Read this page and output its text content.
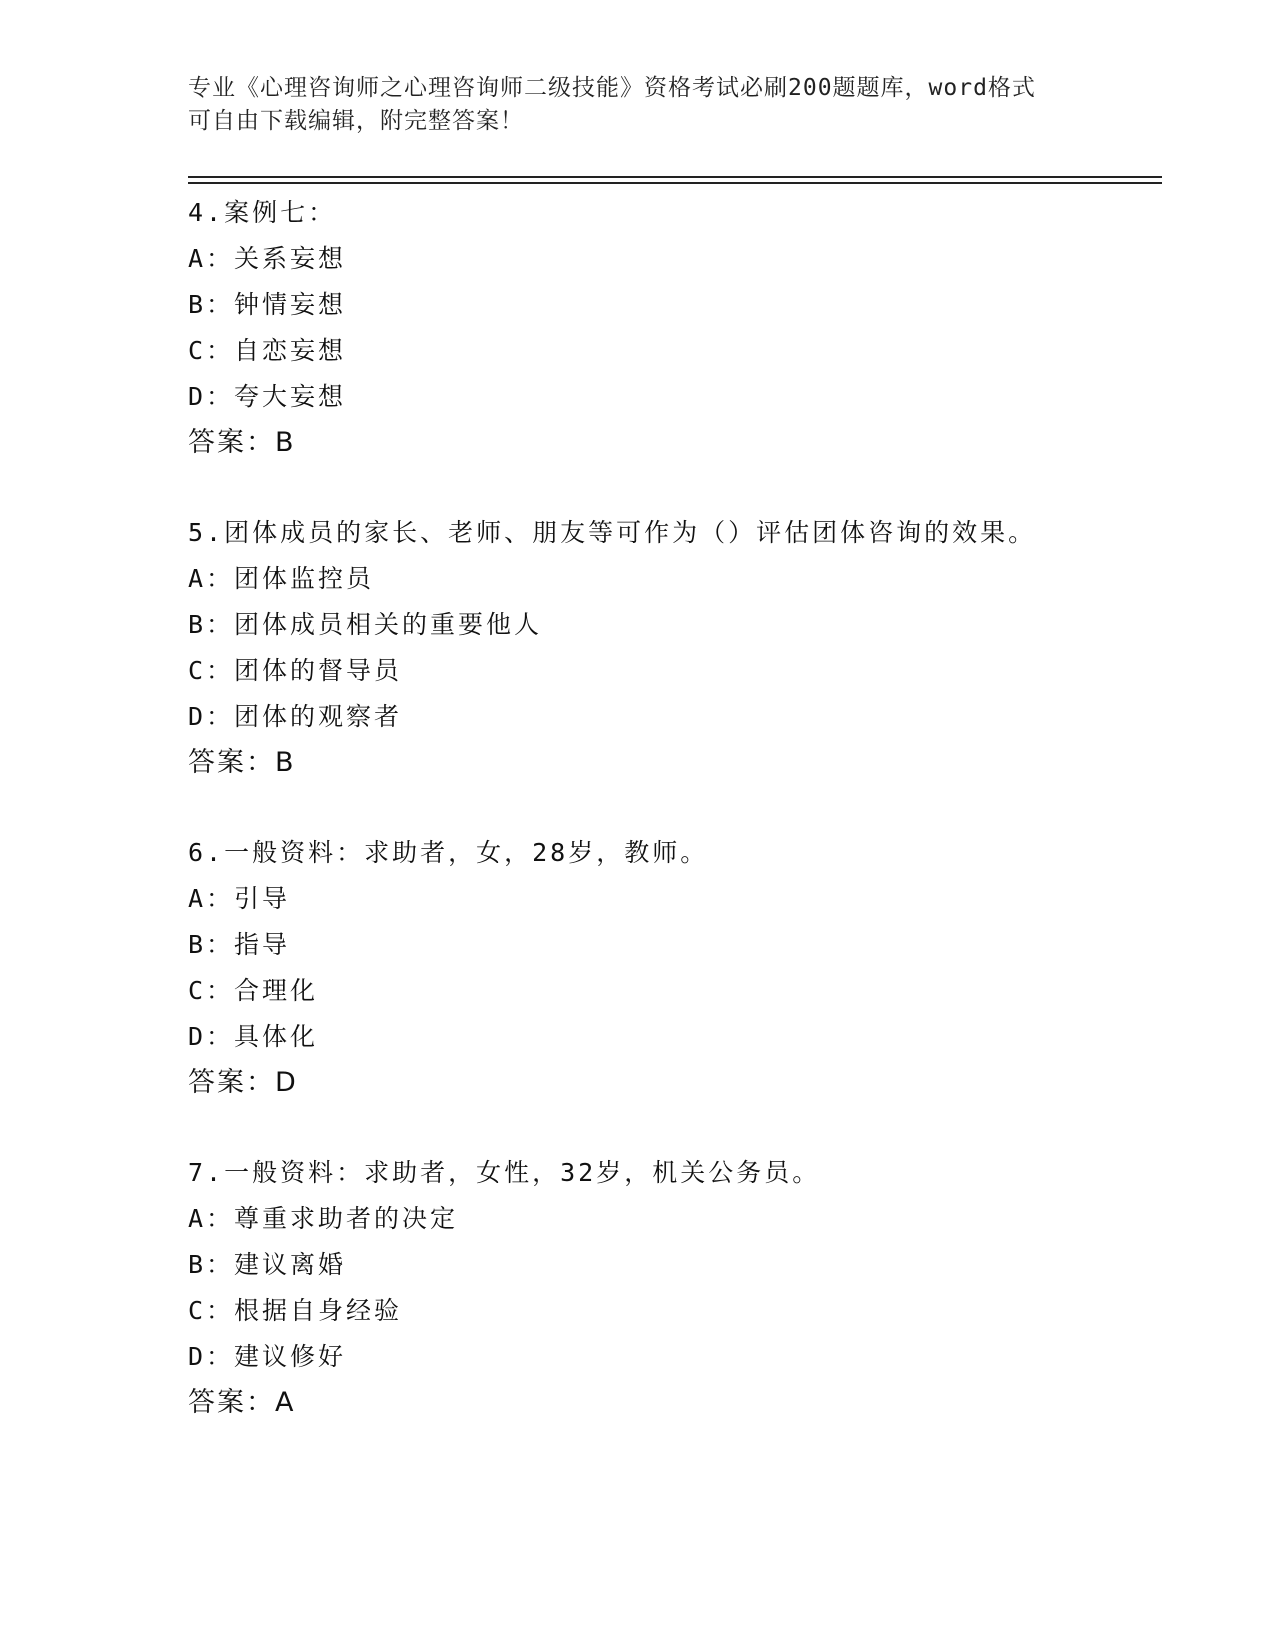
专业《心理咨询师之心理咨询师二级技能》资格考试必刷200题题库，word格式

可自由下载编辑，附完整答案！

4.案例七：
A：关系妄想
B：钟情妄想
C：自恋妄想
D：夸大妄想
答案：B
5.团体成员的家长、老师、朋友等可作为（）评估团体咨询的效果。
A：团体监控员
B：团体成员相关的重要他人
C：团体的督导员
D：团体的观察者
答案：B
6.一般资料：求助者，女，28岁，教师。
A：引导
B：指导
C：合理化
D：具体化
答案：D
7.一般资料：求助者，女性，32岁，机关公务员。
A：尊重求助者的决定
B：建议离婚
C：根据自身经验
D：建议修好
答案：A
